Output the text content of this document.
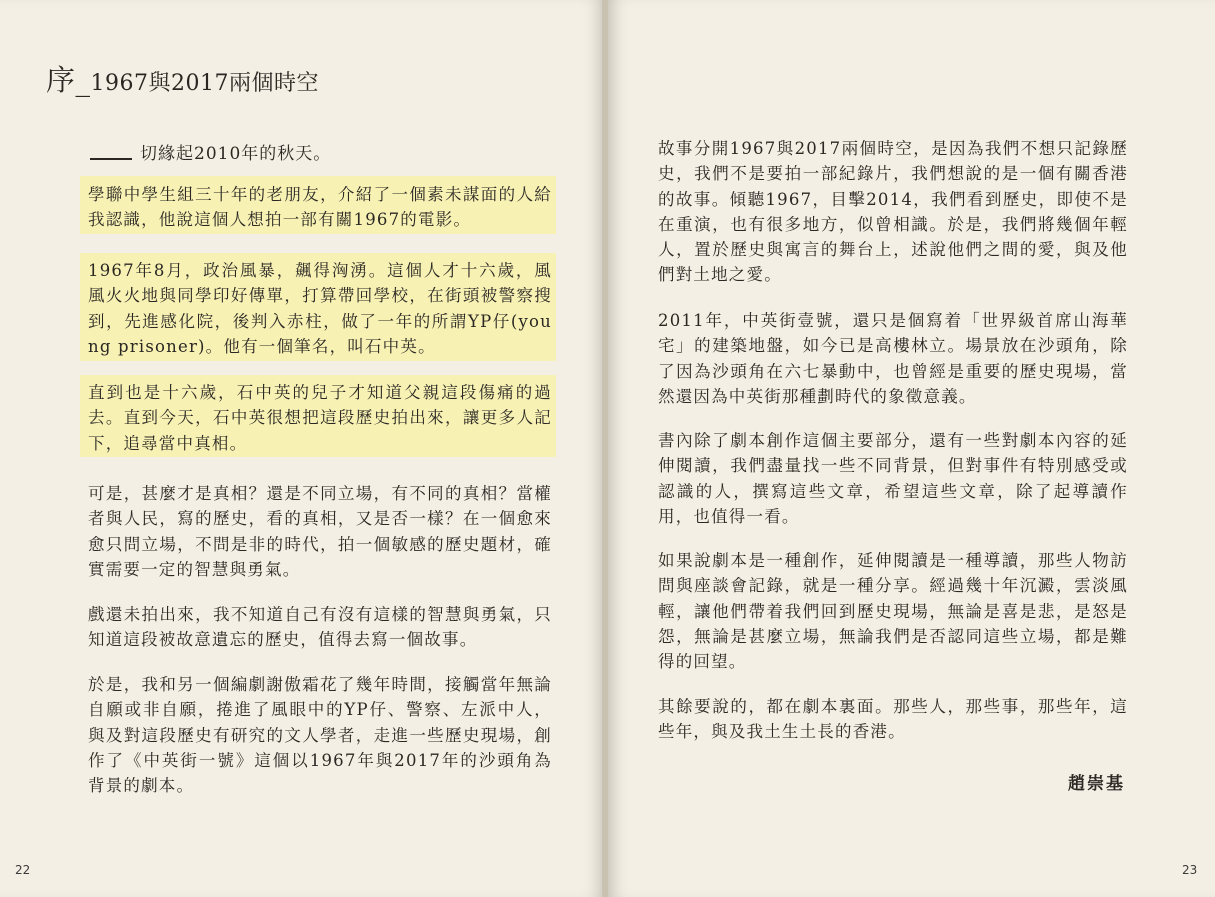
序_1967與2017兩個時空
切緣起2010年的秋天。

學聯中學生組三十年的老朋友，介紹了一個素未謀面的人給我認識，他說這個人想拍一部有關1967的電影。

1967年8月，政治風暴，飆得洶湧。這個人才十六歲，風風火火地與同學印好傳單，打算帶回學校，在街頭被警察搜到，先進感化院，後判入赤柱，做了一年的所謂YP仔(young prisoner)。他有一個筆名，叫石中英。

直到也是十六歲，石中英的兒子才知道父親這段傷痛的過去。直到今天，石中英很想把這段歷史拍出來，讓更多人記下，追尋當中真相。

可是，甚麼才是真相？還是不同立場，有不同的真相？當權者與人民，寫的歷史，看的真相，又是否一樣？在一個愈來愈只問立場，不問是非的時代，拍一個敏感的歷史題材，確實需要一定的智慧與勇氣。

戲還未拍出來，我不知道自己有沒有這樣的智慧與勇氣，只知道這段被故意遺忘的歷史，值得去寫一個故事。

於是，我和另一個編劇謝傲霜花了幾年時間，接觸當年無論自願或非自願，捲進了風眼中的YP仔、警察、左派中人，與及對這段歷史有研究的文人學者，走進一些歷史現場，創作了《中英街一號》這個以1967年與2017年的沙頭角為背景的劇本。

22

故事分開1967與2017兩個時空，是因為我們不想只記錄歷史，我們不是要拍一部紀錄片，我們想說的是一個有關香港的故事。傾聽1967，目擊2014，我們看到歷史，即使不是在重演，也有很多地方，似曾相識。於是，我們將幾個年輕人，置於歷史與寓言的舞台上，述說他們之間的愛，與及他們對土地之愛。

2011年，中英街壹號，還只是個寫着「世界級首席山海華宅」的建築地盤，如今已是高樓林立。場景放在沙頭角，除了因為沙頭角在六七暴動中，也曾經是重要的歷史現場，當然還因為中英街那種劃時代的象徵意義。

書內除了劇本創作這個主要部分，還有一些對劇本內容的延伸閱讀，我們盡量找一些不同背景，但對事件有特別感受或認識的人，撰寫這些文章，希望這些文章，除了起導讀作用，也值得一看。

如果說劇本是一種創作，延伸閱讀是一種導讀，那些人物訪問與座談會記錄，就是一種分享。經過幾十年沉澱，雲淡風輕，讓他們帶着我們回到歷史現場，無論是喜是悲，是怒是怨，無論是甚麼立場，無論我們是否認同這些立場，都是難得的回望。

其餘要說的，都在劇本裏面。那些人，那些事，那些年，這些年，與及我土生土長的香港。

趙崇基
23
